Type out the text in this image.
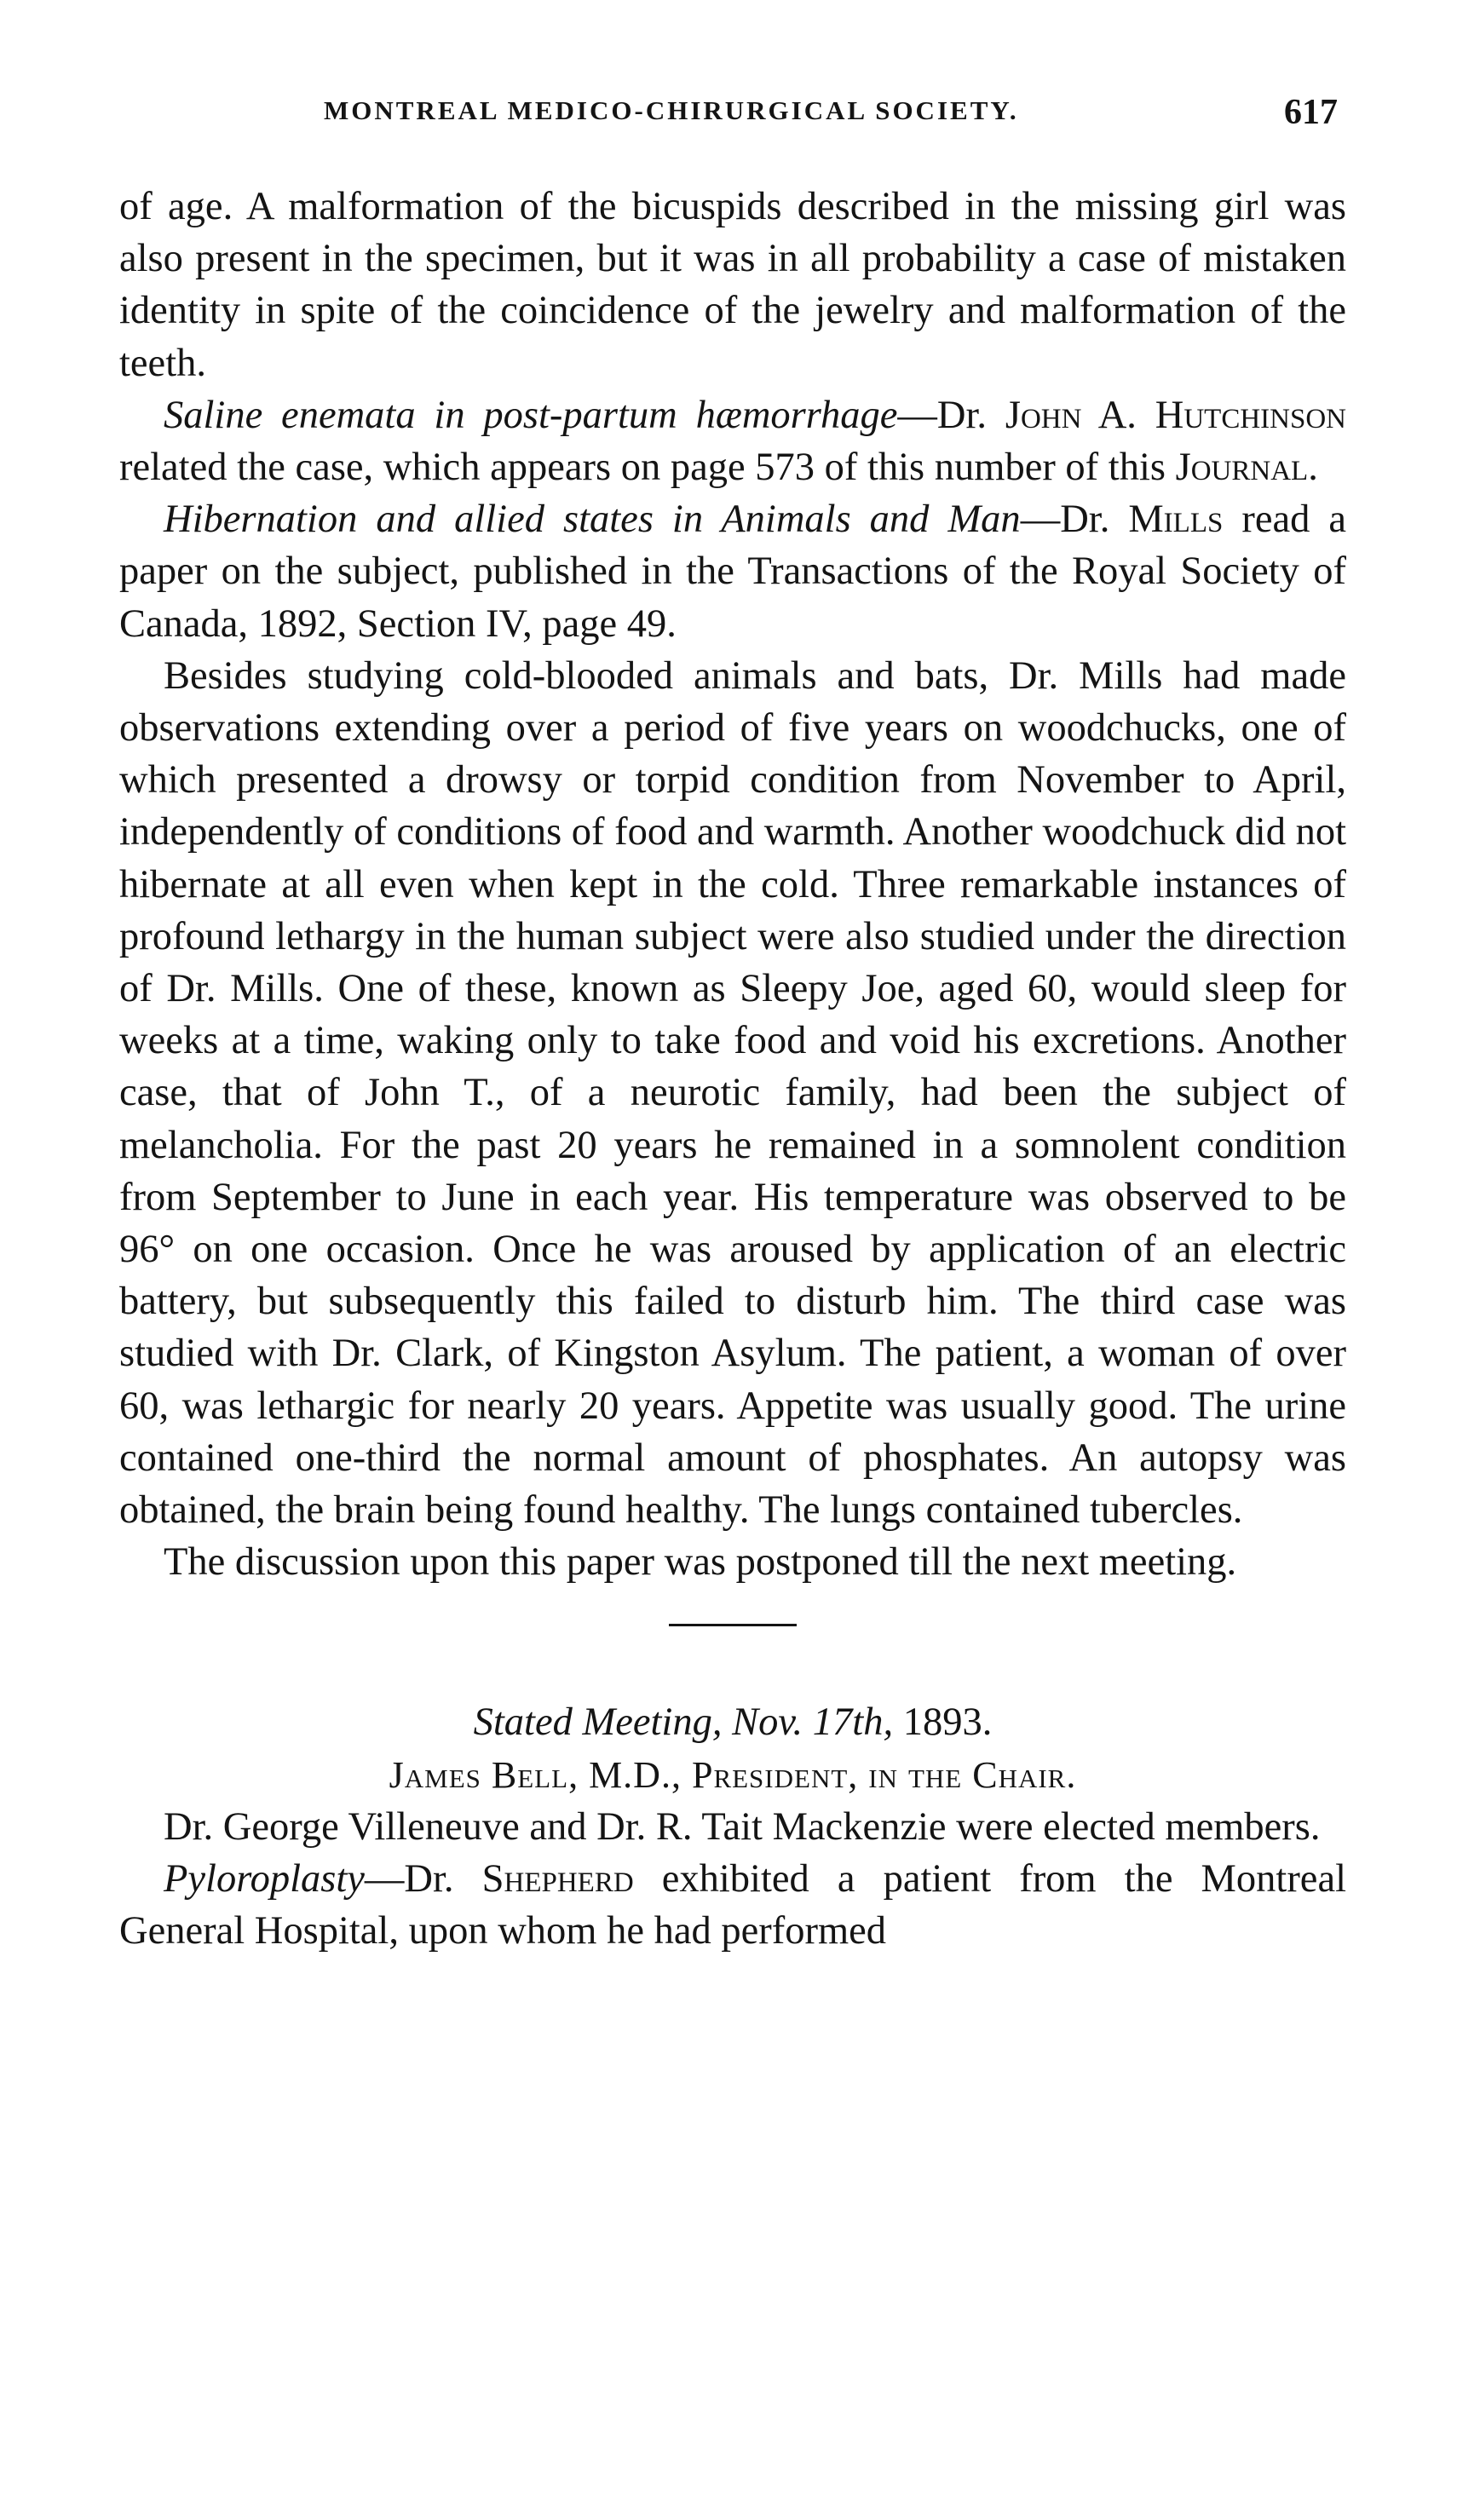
MONTREAL MEDICO-CHIRURGICAL SOCIETY.	617

of age. A malformation of the bicuspids described in the missing girl was also present in the specimen, but it was in all probability a case of mistaken identity in spite of the coincidence of the jewelry and malformation of the teeth.

Saline enemata in post-partum hæmorrhage—Dr. John A. Hutchinson related the case, which appears on page 573 of this number of this Journal.

Hibernation and allied states in Animals and Man—Dr. Mills read a paper on the subject, published in the Transactions of the Royal Society of Canada, 1892, Section IV, page 49.

Besides studying cold-blooded animals and bats, Dr. Mills had made observations extending over a period of five years on woodchucks, one of which presented a drowsy or torpid condition from November to April, independently of conditions of food and warmth. Another woodchuck did not hibernate at all even when kept in the cold. Three remarkable instances of profound lethargy in the human subject were also studied under the direction of Dr. Mills. One of these, known as Sleepy Joe, aged 60, would sleep for weeks at a time, waking only to take food and void his excretions. Another case, that of John T., of a neurotic family, had been the subject of melancholia. For the past 20 years he remained in a somnolent condition from September to June in each year. His temperature was observed to be 96° on one occasion. Once he was aroused by application of an electric battery, but subsequently this failed to disturb him. The third case was studied with Dr. Clark, of Kingston Asylum. The patient, a woman of over 60, was lethargic for nearly 20 years. Appetite was usually good. The urine contained one-third the normal amount of phosphates. An autopsy was obtained, the brain being found healthy. The lungs contained tubercles.

The discussion upon this paper was postponed till the next meeting.

Stated Meeting, Nov. 17th, 1893.

James Bell, M.D., President, in the Chair.

Dr. George Villeneuve and Dr. R. Tait Mackenzie were elected members.

Pyloroplasty—Dr. Shepherd exhibited a patient from the Montreal General Hospital, upon whom he had performed
